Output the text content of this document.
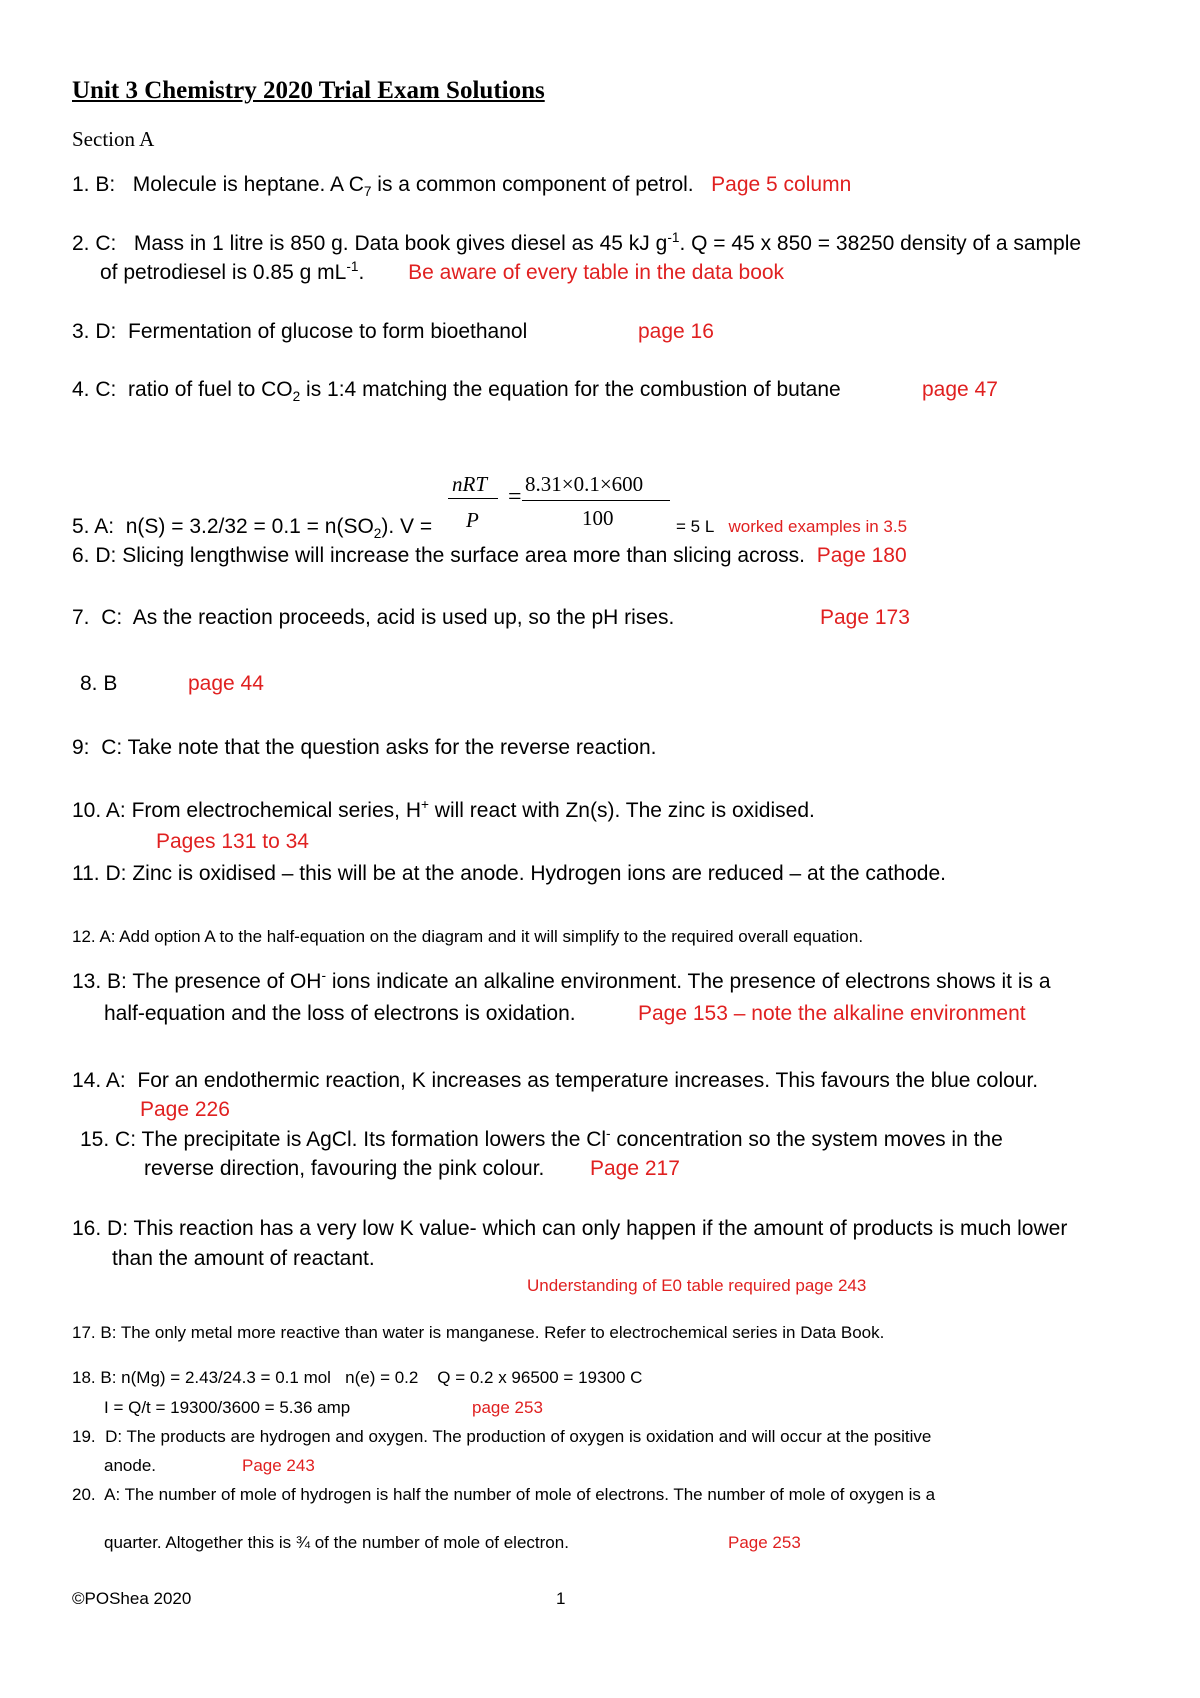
Unit 3 Chemistry 2020 Trial Exam Solutions
Section A
1. B: Molecule is heptane. A $C_7$ is a common component of petrol. Page 5 column
2. C: Mass in 1 litre is 850 g. Data book gives diesel as 45 kJ $g^{-1}$. Q = 45 x 850 = 38250 density of a sample
of petrodiesel is 0.85 g $mL^{-1}$. Be aware of every table in the data book
3. D: Fermentation of glucose to form bioethanol	page 16
4. C: ratio of fuel to $CO_2$ is 1:4 matching the equation for the combustion of butane	page 47
nRT
P
= 8.31×0.1×600
100
5. A: $n(S) = 3.2/32 = 0.1 = n(SO_2)$. V =	= 5 L worked examples in 3.5
6. D: Slicing lengthwise will increase the surface area more than slicing across. Page 180
7. C: As the reaction proceeds, acid is used up, so the pH rises.	Page 173
8. B	page 44
9: C: Take note that the question asks for the reverse reaction.
10. A: From electrochemical series, H+ will react with Zn(s). The zinc is oxidised.
Pages 131 to 34
11. D: Zinc is oxidised – this will be at the anode. Hydrogen ions are reduced – at the cathode.
12. A: Add option A to the half-equation on the diagram and it will simplify to the required overall equation.
13. B: The presence of OH- ions indicate an alkaline environment. The presence of electrons shows it is a
half-equation and the loss of electrons is oxidation.	Page 153 – note the alkaline environment
14. A: For an endothermic reaction, K increases as temperature increases. This favours the blue colour.
Page 226
15. C: The precipitate is AgCl. Its formation lowers the Cl- concentration so the system moves in the
reverse direction, favouring the pink colour. Page 217
16. D: This reaction has a very low K value- which can only happen if the amount of products is much lower
than the amount of reactant.
Understanding of E0 table required page 243
17. B: The only metal more reactive than water is manganese. Refer to electrochemical series in Data Book.
18. B: n(Mg) = 2.43/24.3 = 0.1 mol   n(e) = 0.2    Q = 0.2 x 96500 = 19300 C
I = Q/t = 19300/3600 = 5.36 amp	page 253
19. D: The products are hydrogen and oxygen. The production of oxygen is oxidation and will occur at the positive
anode.	Page 243
20. A: The number of mole of hydrogen is half the number of mole of electrons. The number of mole of oxygen is a
quarter. Altogether this is ¾ of the number of mole of electron.	Page 253
©POShea 2020	1
